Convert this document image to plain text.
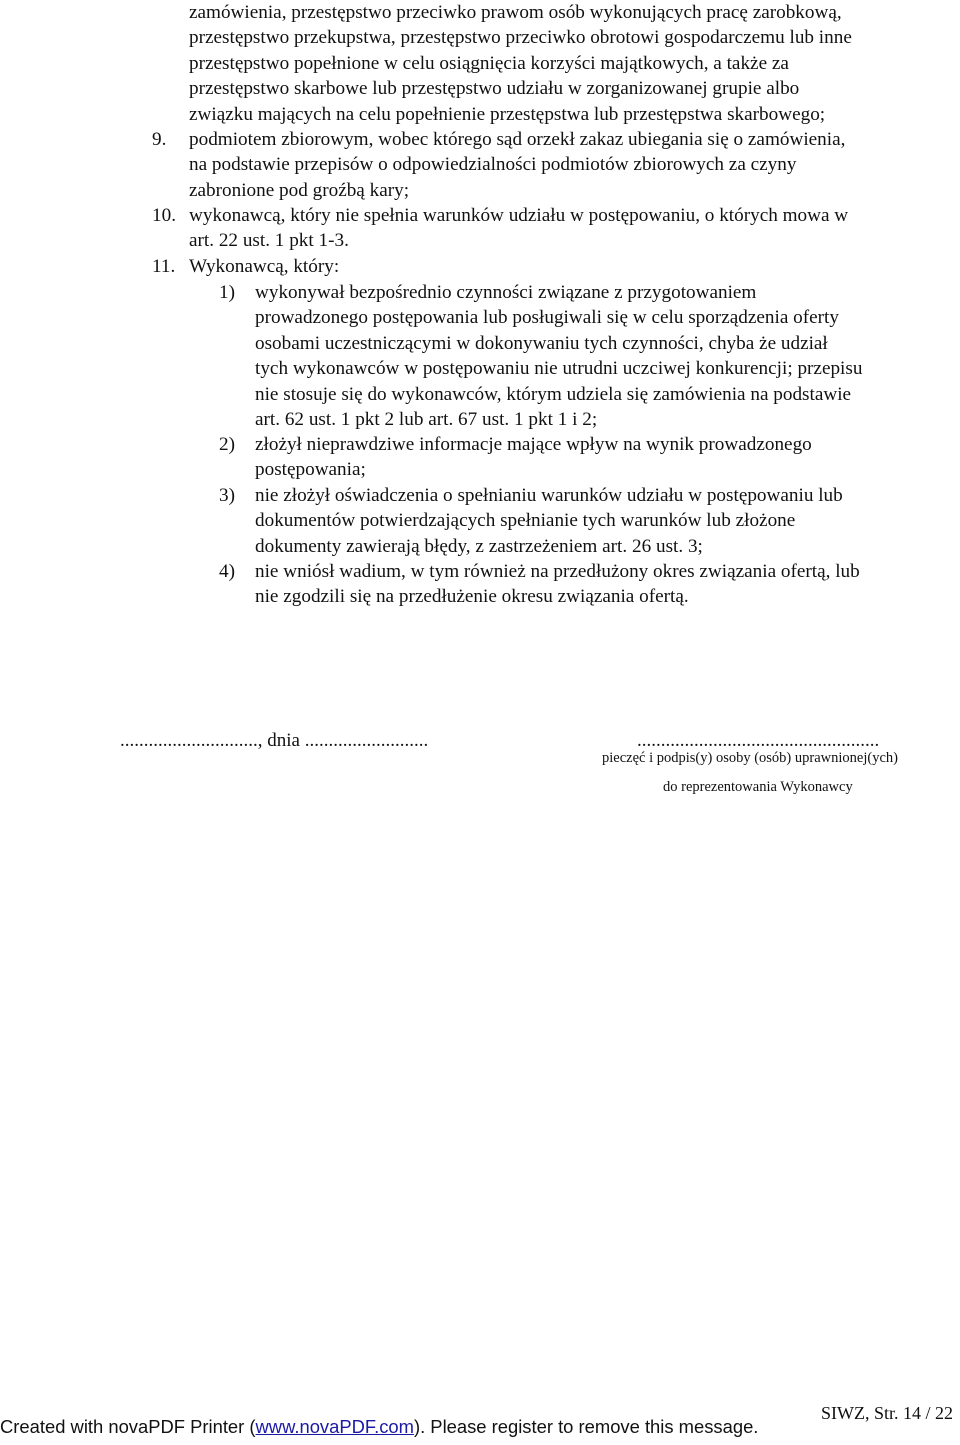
zamówienia, przestępstwo przeciwko prawom osób wykonujących pracę zarobkową,
przestępstwo przekupstwa, przestępstwo przeciwko obrotowi gospodarczemu lub inne
przestępstwo popełnione w celu osiągnięcia korzyści majątkowych, a także za
przestępstwo skarbowe lub przestępstwo udziału w zorganizowanej grupie albo
związku mających na celu popełnienie przestępstwa lub przestępstwa skarbowego;
9. podmiotem zbiorowym, wobec którego sąd orzekł zakaz ubiegania się o zamówienia,
na podstawie przepisów o odpowiedzialności podmiotów zbiorowych za czyny
zabronione pod groźbą kary;
10. wykonawcą, który nie spełnia warunków udziału w postępowaniu, o których mowa w
art. 22 ust. 1 pkt 1-3.
11. Wykonawcą, który:
1) wykonywał bezpośrednio czynności związane z przygotowaniem
prowadzonego postępowania lub posługiwali się w celu sporządzenia oferty
osobami uczestniczącymi w dokonywaniu tych czynności, chyba że udział
tych wykonawców w postępowaniu nie utrudni uczciwej konkurencji; przepisu
nie stosuje się do wykonawców, którym udziela się zamówienia na podstawie
art. 62 ust. 1 pkt 2 lub art. 67 ust. 1 pkt 1 i 2;
2) złożył nieprawdziwe informacje mające wpływ na wynik prowadzonego
postępowania;
3) nie złożył oświadczenia o spełnianiu warunków udziału w postępowaniu lub
dokumentów potwierdzających spełnianie tych warunków lub złożone
dokumenty zawierają błędy, z zastrzeżeniem art. 26 ust. 3;
4) nie wniósł wadium, w tym również na przedłużony okres związania ofertą, lub
nie zgodzili się na przedłużenie okresu związania ofertą.
............................., dnia ..........................	...................................................
pieczęć i podpis(y) osoby (osób) uprawnionej(ych)
do reprezentowania Wykonawcy
SIWZ, Str. 14 / 22
Created with novaPDF Printer (www.novaPDF.com). Please register to remove this message.
